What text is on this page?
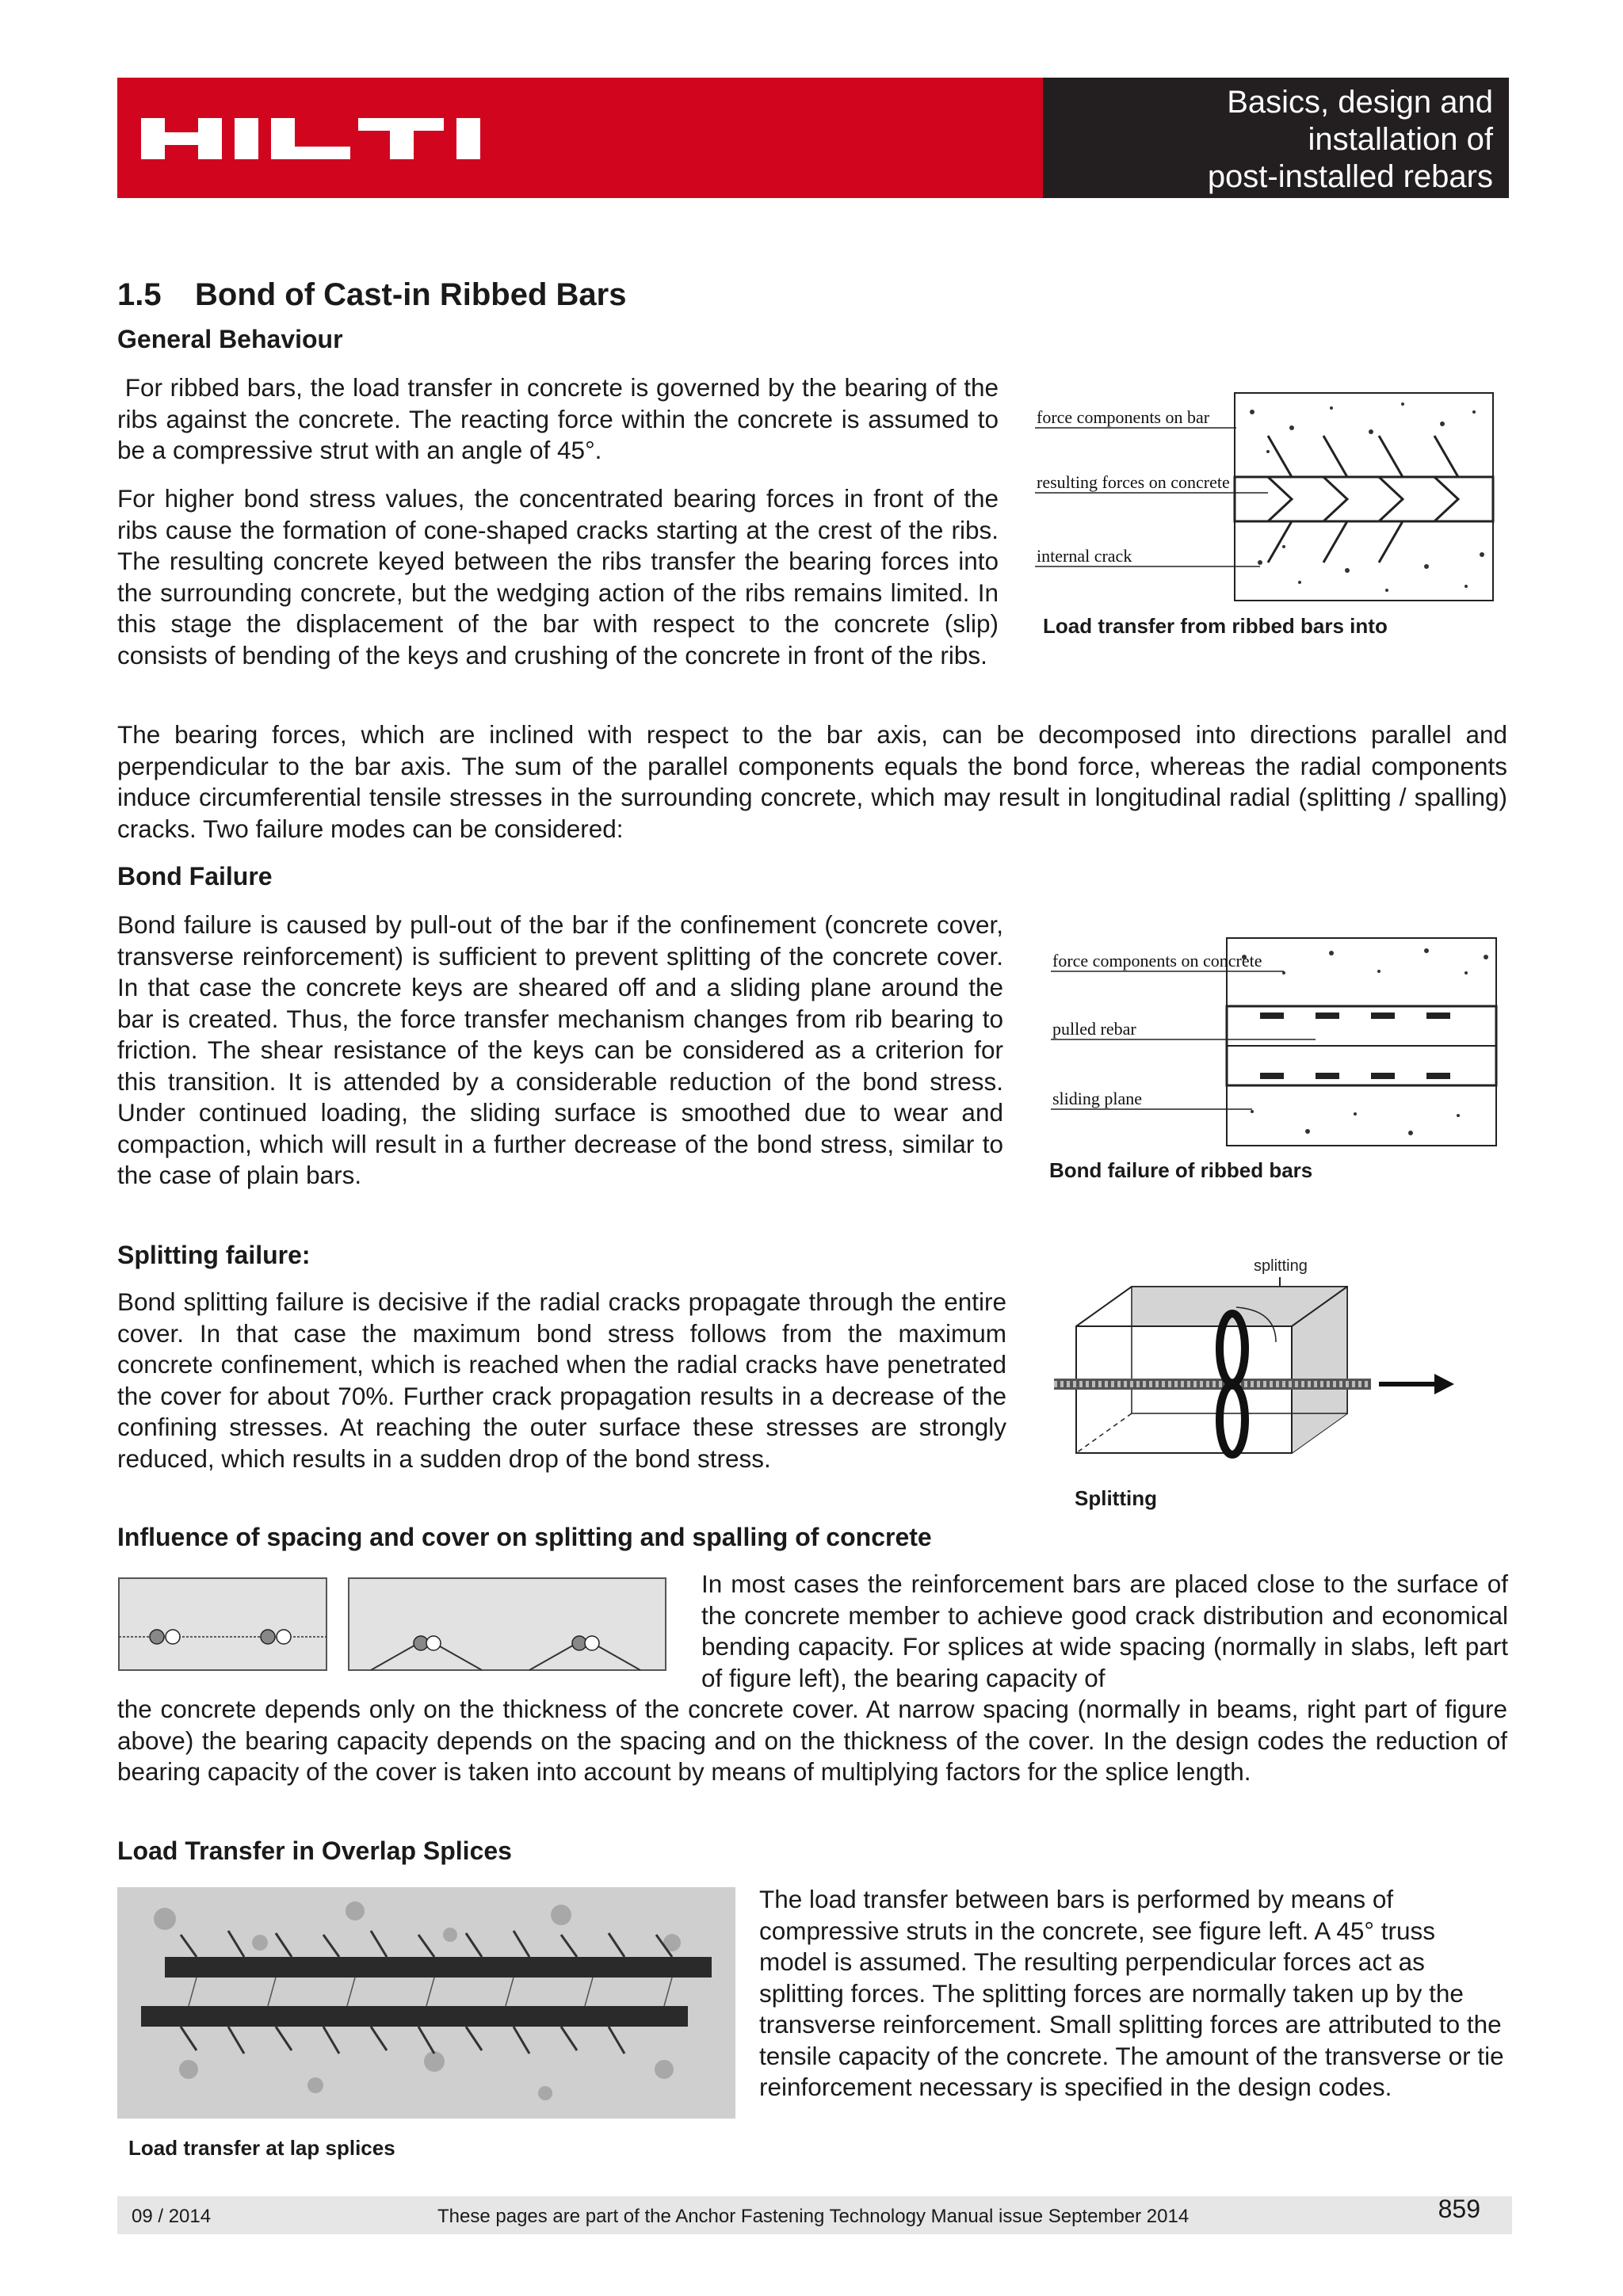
Basics, design and
installation of
post-installed rebars
1.5 Bond of Cast-in Ribbed Bars
General Behaviour

For ribbed bars, the load transfer in concrete is governed by the bearing of the ribs against the concrete. The reacting force within the concrete is assumed to be a compressive strut with an angle of 45°.

For higher bond stress values, the concentrated bearing forces in front of the ribs cause the formation of cone-shaped cracks starting at the crest of the ribs. The resulting concrete keyed between the ribs transfer the bearing forces into the surrounding concrete, but the wedging action of the ribs remains limited. In this stage the displacement of the bar with respect to the concrete (slip) consists of bending of the keys and crushing of the concrete in front of the ribs.

force components on bar
resulting forces on concrete
internal crack
Load transfer from ribbed bars into

The bearing forces, which are inclined with respect to the bar axis, can be decomposed into directions parallel and perpendicular to the bar axis. The sum of the parallel components equals the bond force, whereas the radial components induce circumferential tensile stresses in the surrounding concrete, which may result in longitudinal radial (splitting / spalling) cracks. Two failure modes can be considered:

Bond Failure

Bond failure is caused by pull-out of the bar if the confinement (concrete cover, transverse reinforcement) is sufficient to prevent splitting of the concrete cover. In that case the concrete keys are sheared off and a sliding plane around the bar is created. Thus, the force transfer mechanism changes from rib bearing to friction. The shear resistance of the keys can be considered as a criterion for this transition. It is attended by a considerable reduction of the bond stress. Under continued loading, the sliding surface is smoothed due to wear and compaction, which will result in a further decrease of the bond stress, similar to the case of plain bars.

force components on concrete
pulled rebar
sliding plane
Bond failure of ribbed bars
Splitting failure:

Bond splitting failure is decisive if the radial cracks propagate through the entire cover. In that case the maximum bond stress follows from the maximum concrete confinement, which is reached when the radial cracks have penetrated the cover for about 70%. Further crack propagation results in a decrease of the confining stresses. At reaching the outer surface these stresses are strongly reduced, which results in a sudden drop of the bond stress.

splitting
Splitting
Influence of spacing and cover on splitting and spalling of concrete

In most cases the reinforcement bars are placed close to the surface of the concrete member to achieve good crack distribution and economical bending capacity. For splices at wide spacing (normally in slabs, left part of figure left), the bearing capacity of

the concrete depends only on the thickness of the concrete cover. At narrow spacing (normally in beams, right part of figure above) the bearing capacity depends on the spacing and on the thickness of the cover. In the design codes the reduction of bearing capacity of the cover is taken into account by means of multiplying factors for the splice length.

Load Transfer in Overlap Splices
Load transfer at lap splices

The load transfer between bars is performed by means of compressive struts in the concrete, see figure left. A 45° truss model is assumed. The resulting perpendicular forces act as splitting forces. The splitting forces are normally taken up by the transverse reinforcement. Small splitting forces are attributed to the tensile capacity of the concrete. The amount of the transverse or tie reinforcement necessary is specified in the design codes.

09 / 2014	These pages are part of the Anchor Fastening Technology Manual issue September 2014	859
